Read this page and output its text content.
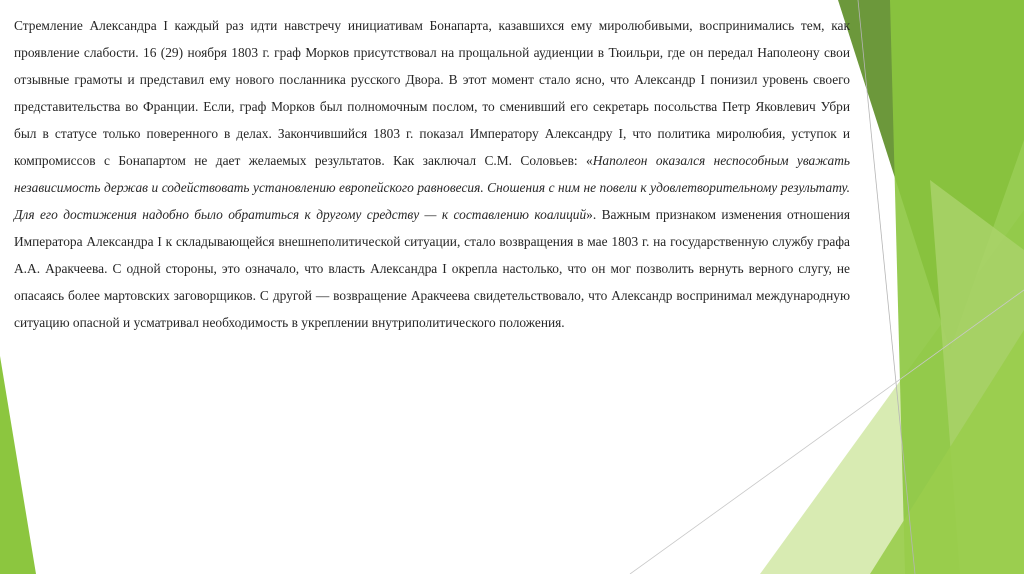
Стремление Александра I каждый раз идти навстречу инициативам Бонапарта, казавшихся ему миролюбивыми, воспринимались тем, как проявление слабости. 16 (29) ноября 1803 г. граф Морков присутствовал на прощальной аудиенции в Тюильри, где он передал Наполеону свои отзывные грамоты и представил ему нового посланника русского Двора. В этот момент стало ясно, что Александр I понизил уровень своего представительства во Франции. Если, граф Морков был полномочным послом, то сменивший его секретарь посольства Петр Яковлевич Убри был в статусе только поверенного в делах. Закончившийся 1803 г. показал Императору Александру I, что политика миролюбия, уступок и компромиссов с Бонапартом не дает желаемых результатов. Как заключал С.М. Соловьев: «Наполеон оказался неспособным уважать независимость держав и содействовать установлению европейского равновесия. Сношения с ним не повели к удовлетворительному результату. Для его достижения надобно было обратиться к другому средству — к составлению коалиций». Важным признаком изменения отношения Императора Александра I к складывающейся внешнеполитической ситуации, стало возвращения в мае 1803 г. на государственную службу графа А.А. Аракчеева. С одной стороны, это означало, что власть Александра I окрепла настолько, что он мог позволить вернуть верного слугу, не опасаясь более мартовских заговорщиков. С другой — возвращение Аракчеева свидетельствовало, что Александр воспринимал международную ситуацию опасной и усматривал необходимость в укреплении внутриполитического положения.
